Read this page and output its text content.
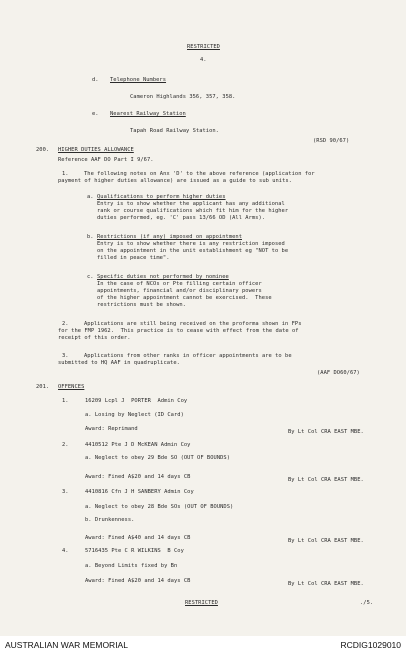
RESTRICTED
4.
d. Telephone Numbers
Cameron Highlands 356, 357, 358.
e. Nearest Railway Station
Tapah Road Railway Station.
(RSD 90/67)
200. HIGHER DUTIES ALLOWANCE
Reference AAF DO Part I 9/67.
1.	The following notes on Anx 'D' to the above reference (application for
payment of higher duties allowance) are issued as a guide to sub units.
a. Qualifications to perform higher duties
Entry is to show whether the applicant has any additional
rank or course qualifications which fit him for the higher
duties performed, eg. 'C' pass 13/66 OD (All Arms).
b. Restrictions (if any) imposed on appointment
Entry is to show whether there is any restriction imposed
on the appointment in the unit establishment eg "NOT to be
filled in peace time".
c. Specific duties not performed by nominee
In the case of NCOs or Pte filling certain officer
appointments, financial and/or disciplinary powers
of the higher appointment cannot be exercised.  These
restrictions must be shown.
2.	Applications are still being received on the proforma shown in FPs
for the FMP 1962.  This practice is to cease with effect from the date of
receipt of this order.
3.	Applications from other ranks in officer appointments are to be
submitted to HQ AAF in quadruplicate.
(AAF DO60/67)
201. OFFENCES
1.	16209 Lcpl J  PORTER  Admin Coy
a. Losing by Neglect (ID Card)
Award: Reprimand	By Lt Col CRA EAST MBE.
2.	4410512 Pte J D McKEAN Admin Coy
a. Neglect to obey 29 Bde SO (OUT OF BOUNDS)
Award: Fined A$20 and 14 days CB	By Lt Col CRA EAST MBE.
3.	4410816 Cfn J H SANBERY Admin Coy
a. Neglect to obey 28 Bde SOs (OUT OF BOUNDS)
b. Drunkenness.
Award: Fined A$40 and 14 days CB	By Lt Col CRA EAST MBE.
4.	5716435 Pte C R WILKINS  B Coy
a. Beyond Limits fixed by Bn
Award: Fined A$20 and 14 days CB	By Lt Col CRA EAST MBE.
RESTRICTED	./5.
AUSTRALIAN WAR MEMORIAL	RCDIG1029010
